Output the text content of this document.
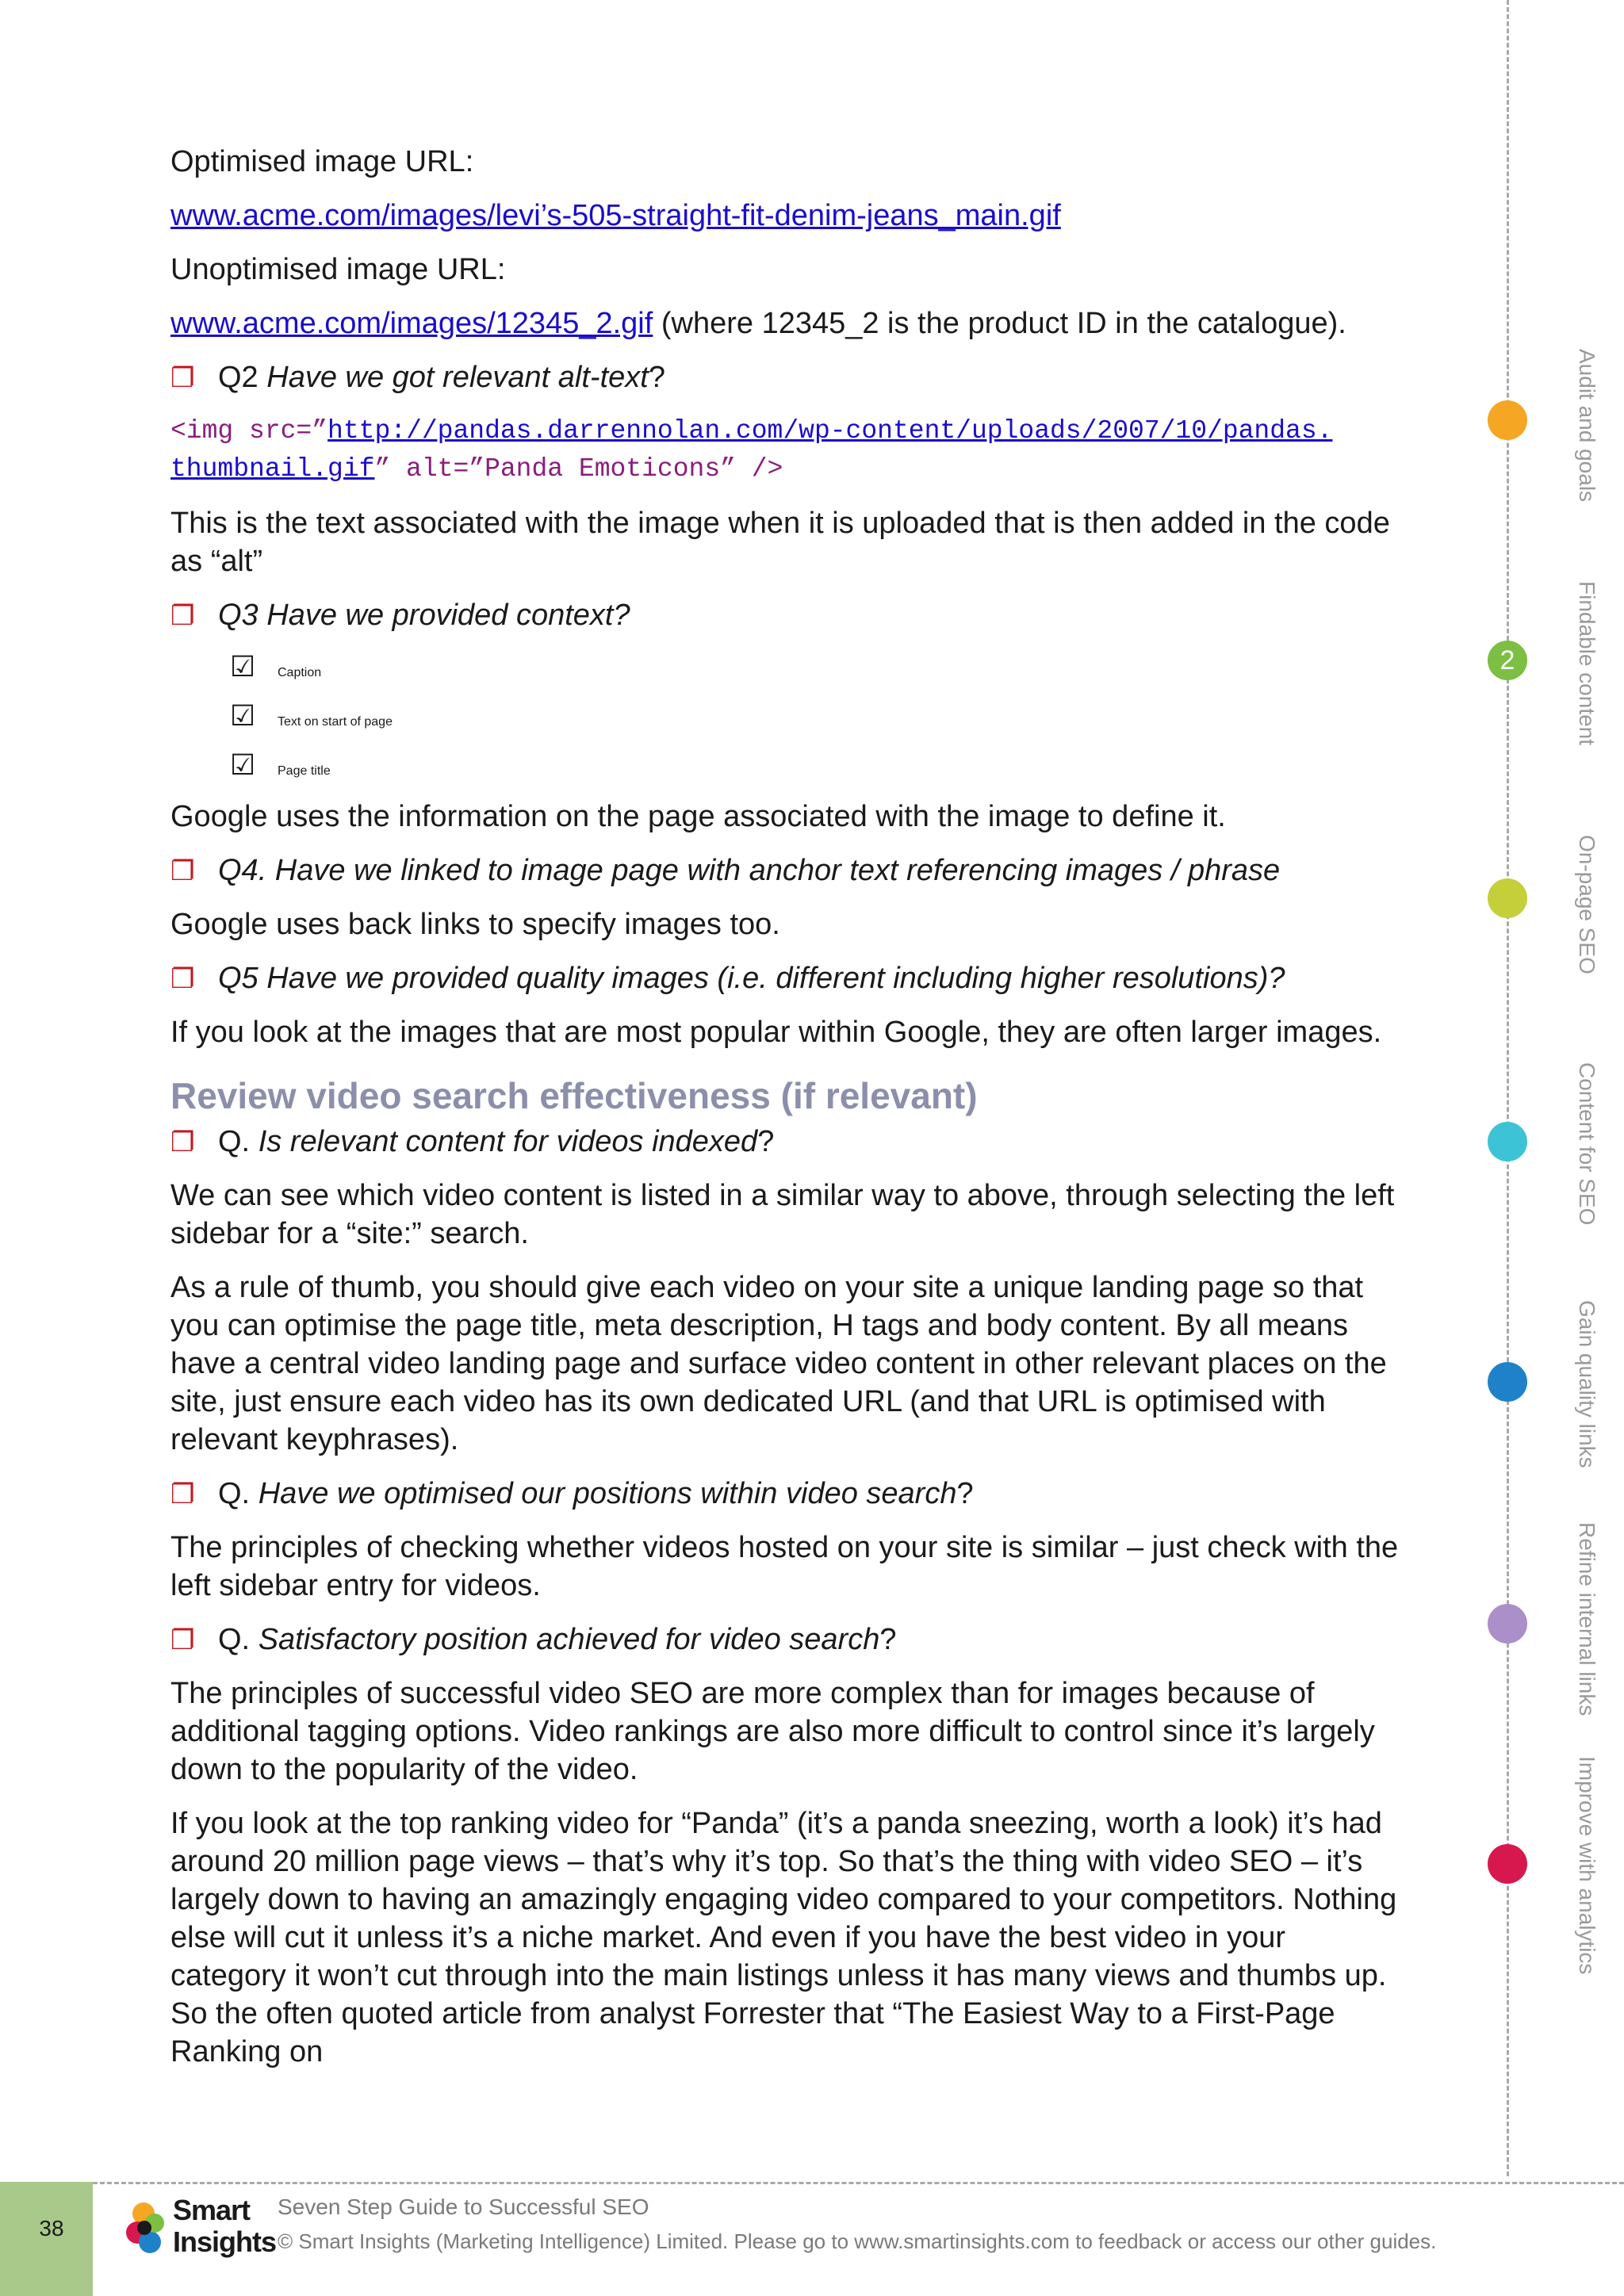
Optimised image URL:

www.acme.com/images/levi’s-505-straight-fit-denim-jeans_main.gif

Unoptimised image URL:

www.acme.com/images/12345_2.gif (where 12345_2 is the product ID in the catalogue).

❐ Q2 Have we got relevant alt-text?
<img src=”http://pandas.darrennolan.com/wp-content/uploads/2007/10/pandas.
thumbnail.gif” alt=”Panda Emoticons” />

This is the text associated with the image when it is uploaded that is then added in the code as “alt”

❐ Q3 Have we provided context?
☑	Caption
☑	Text on start of page
☑	Page title

Google uses the information on the page associated with the image to define it.

❐ Q4. Have we linked to image page with anchor text referencing images / phrase

Google uses back links to specify images too.

❐ Q5 Have we provided quality images (i.e. different including higher resolutions)?

If you look at the images that are most popular within Google, they are often larger images.

Review video search effectiveness (if relevant)
❐ Q. Is relevant content for videos indexed?

We can see which video content is listed in a similar way to above, through selecting the left sidebar for a “site:” search.

As a rule of thumb, you should give each video on your site a unique landing page so that you can optimise the page title, meta description, H tags and body content. By all means have a central video landing page and surface video content in other relevant places on the site, just ensure each video has its own dedicated URL (and that URL is optimised with relevant keyphrases).

❐ Q. Have we optimised our positions within video search?

The principles of checking whether videos hosted on your site is similar – just check with the left sidebar entry for videos.

❐ Q. Satisfactory position achieved for video search?

The principles of successful video SEO are more complex than for images because of additional tagging options. Video rankings are also more difficult to control since it’s largely down to the popularity of the video.

If you look at the top ranking video for “Panda” (it’s a panda sneezing, worth a look) it’s had around 20 million page views – that’s why it’s top. So that’s the thing with video SEO – it’s largely down to having an amazingly engaging video compared to your competitors. Nothing else will cut it unless it’s a niche market. And even if you have the best video in your category it won’t cut through into the main listings unless it has many views and thumbs up. So the often quoted article from analyst Forrester that “The Easiest Way to a First-Page Ranking on

Audit and goals
2	Findable content
On-page SEO
Content for SEO
Gain quality links
Refine internal links
Improve with analytics
38
Smart
Insights
Seven Step Guide to Successful SEO
© Smart Insights (Marketing Intelligence) Limited. Please go to www.smartinsights.com to feedback or access our other guides.
